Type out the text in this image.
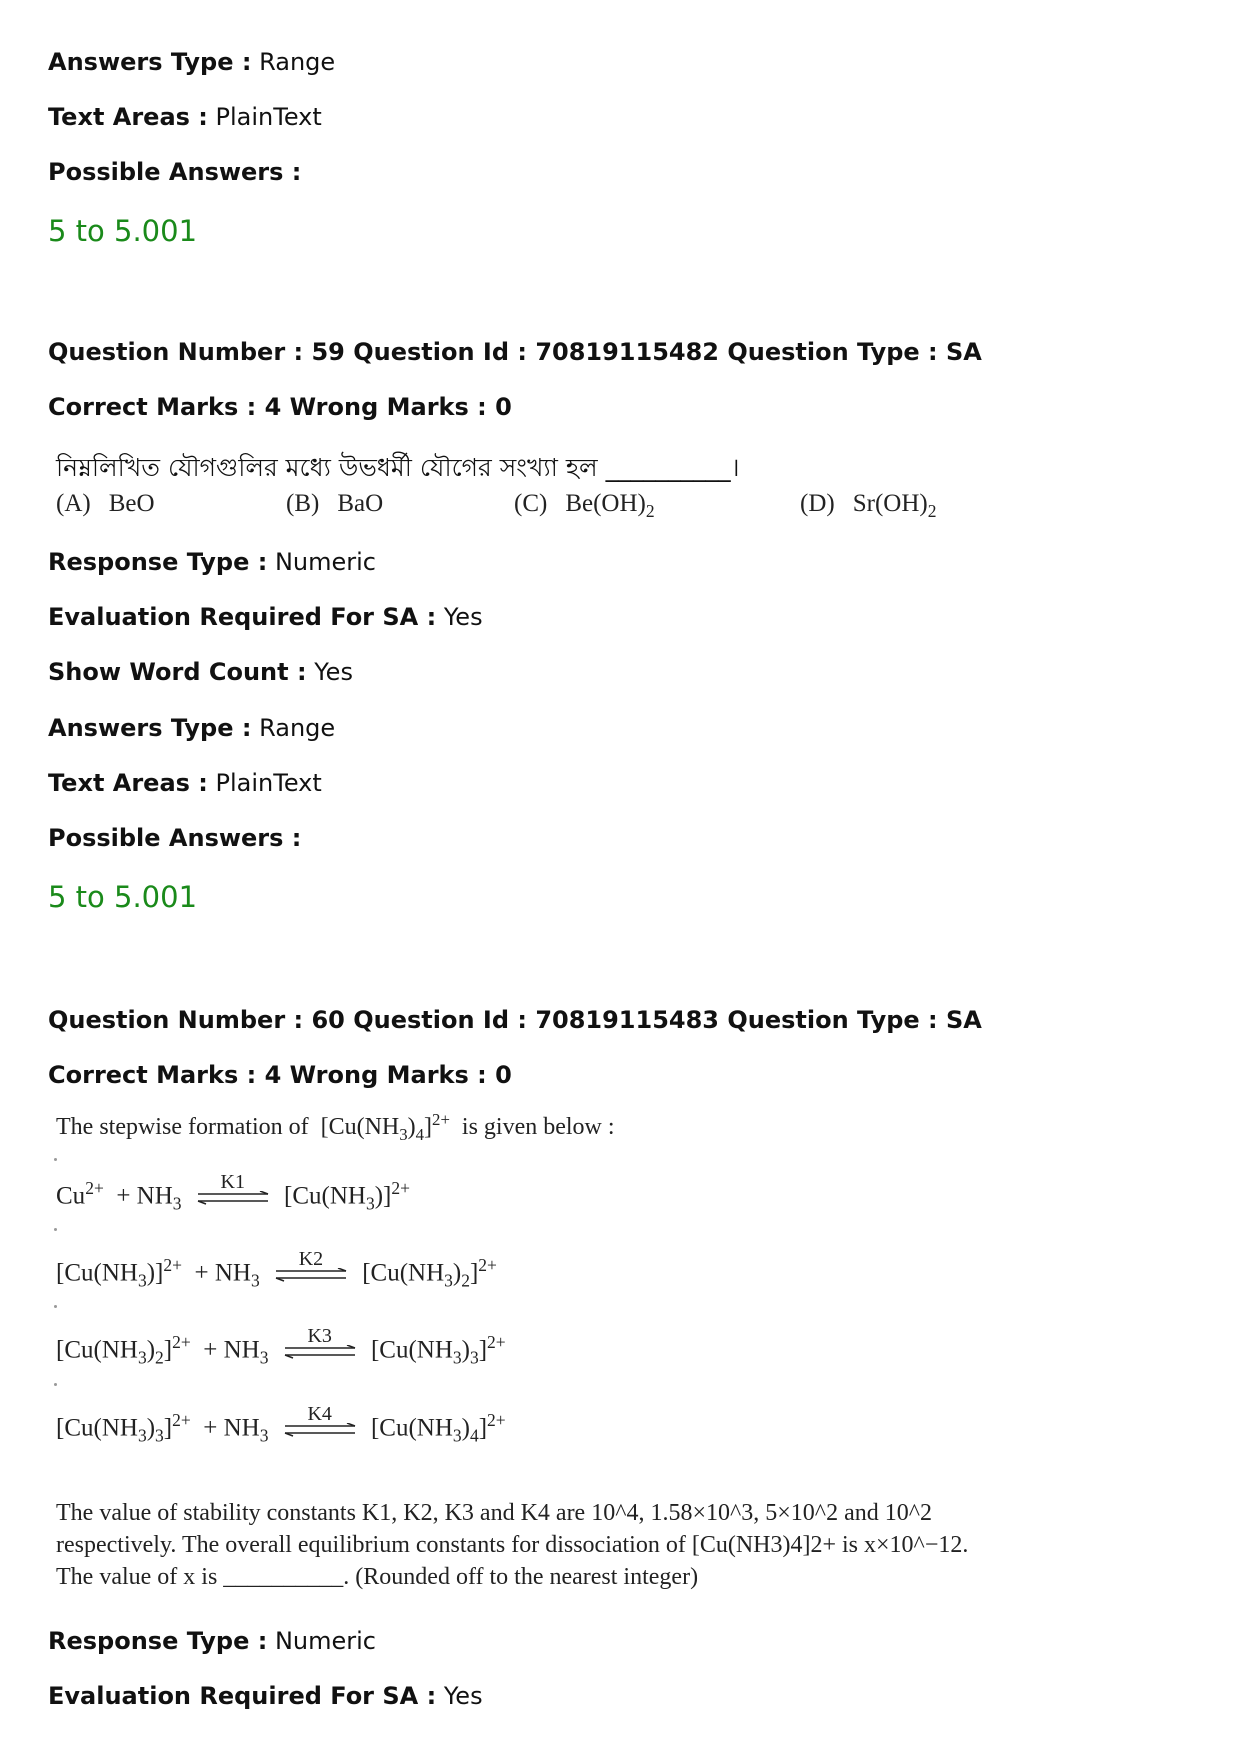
Answers Type : Range
Text Areas : PlainText
Possible Answers :
5 to 5.001
Question Number : 59 Question Id : 70819115482 Question Type : SA
Correct Marks : 4 Wrong Marks : 0
নিম্নলিখিত যৌগগুলির মধ্যে উভধর্মী যৌগের সংখ্যা হল __________।
(A) BeO	(B) BaO	(C) $Be(OH)_2$	(D) $Sr(OH)_2$
Response Type : Numeric
Evaluation Required For SA : Yes
Show Word Count : Yes
Answers Type : Range
Text Areas : PlainText
Possible Answers :
5 to 5.001
Question Number : 60 Question Id : 70819115483 Question Type : SA
Correct Marks : 4 Wrong Marks : 0
The stepwise formation of  $[Cu(NH_3)_4]^{2+}$  is given below :
$Cu^{2+} + NH_3$
K1
$[Cu(NH_3)]^{2+}$
$[Cu(NH_3)]^{2+} + NH_3$
K2
$[Cu(NH_3)_2]^{2+}$
$[Cu(NH_3)_2]^{2+} + NH_3$
K3
$[Cu(NH_3)_3]^{2+}$
$[Cu(NH_3)_3]^{2+} + NH_3$
K4
$[Cu(NH_3)_4]^{2+}$
The value of stability constants K1, K2, K3 and K4 are 10^4, 1.58×10^3, 5×10^2 and 10^2
respectively. The overall equilibrium constants for dissociation of [Cu(NH3)4]2+ is x×10^−12.
The value of x is __________. (Rounded off to the nearest integer)
Response Type : Numeric
Evaluation Required For SA : Yes
